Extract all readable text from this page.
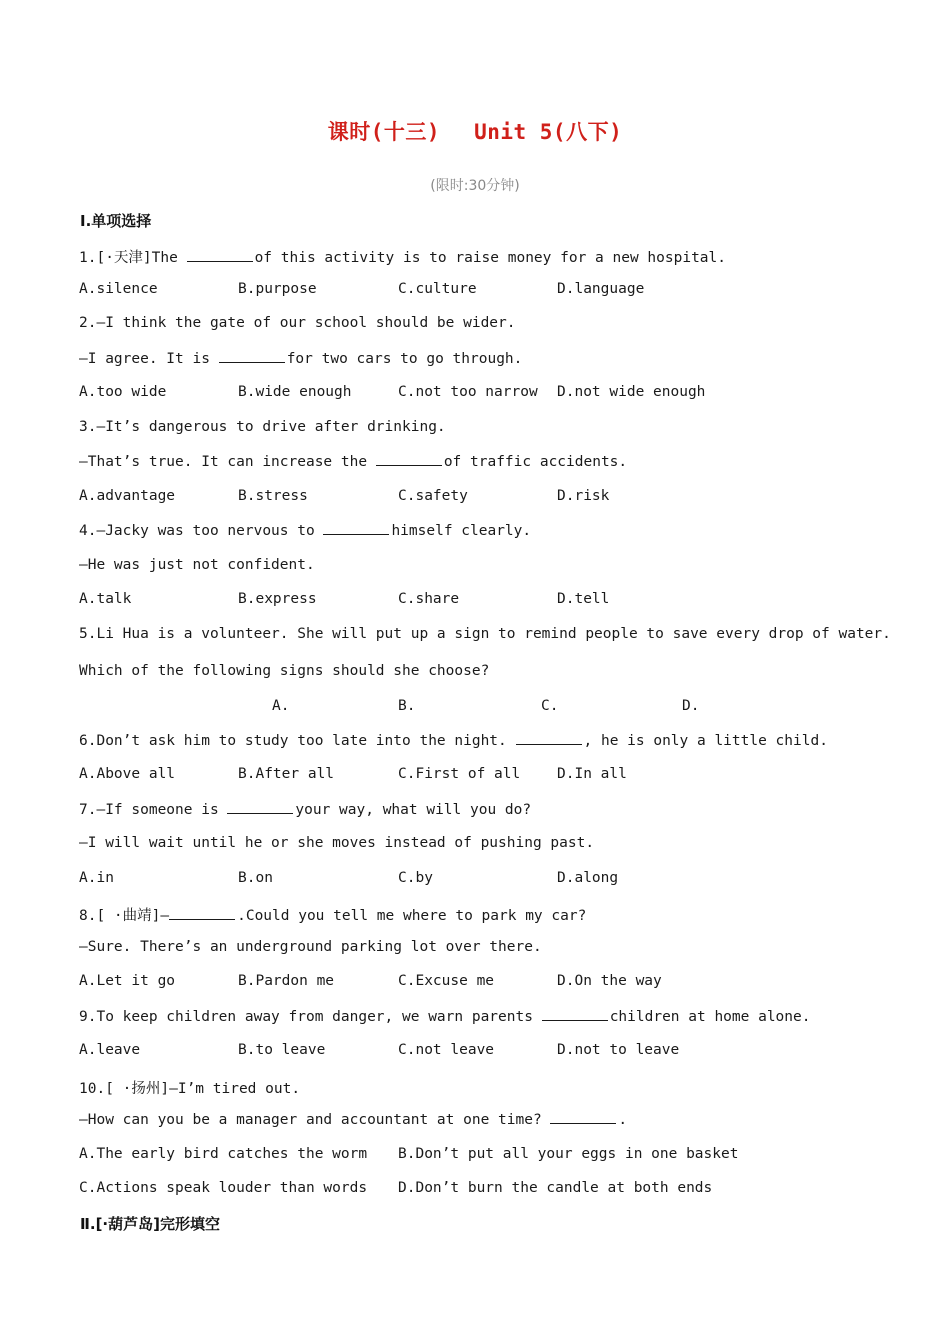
课时(十三) Unit 5(八下)
(限时:30分钟)
Ⅰ.单项选择
1.[·天津]The	of this activity is to raise money for a new hospital.

A.silence

	B.purpose

	C.culture

	D.language

2.—I think the gate of our school should be wider.
—I agree. It is	for two cars to go through.

A.too wide

	B.wide enough

	C.not too narrow

D.not wide enough

3.—It’s dangerous to drive after drinking.
—That’s true. It can increase the	of traffic accidents.

A.advantage

	B.stress

	C.safety

	D.risk

4.—Jacky was too nervous to	himself clearly.
—He was just not confident.

A.talk

	B.express

	C.share

	D.tell

5.Li Hua is a volunteer. She will put up a sign to remind people to save every drop of water.
Which of the following signs should she choose?

A.

	B.

	C.

	D.

6.Don’t ask him to study too late into the night.	, he is only a little child.

A.Above all

	B.After all

	C.First of all

	D.In all

7.—If someone is	your way, what will you do?
—I will wait until he or she moves instead of pushing past.

A.in

	B.on

	C.by

	D.along

8.[ ·曲靖]—	.Could you tell me where to park my car?
—Sure. There’s an underground parking lot over there.

A.Let it go

	B.Pardon me

	C.Excuse me

	D.On the way

9.To keep children away from danger, we warn parents	children at home alone.

A.leave

	B.to leave

	C.not leave

	D.not to leave

10.[ ·扬州]—I’m tired out.
—How can you be a manager and accountant at one time?	.

A.The early bird catches the worm

B.Don’t put all your eggs in one basket

C.Actions speak louder than words

D.Don’t burn the candle at both ends

Ⅱ.[·葫芦岛]完形填空
